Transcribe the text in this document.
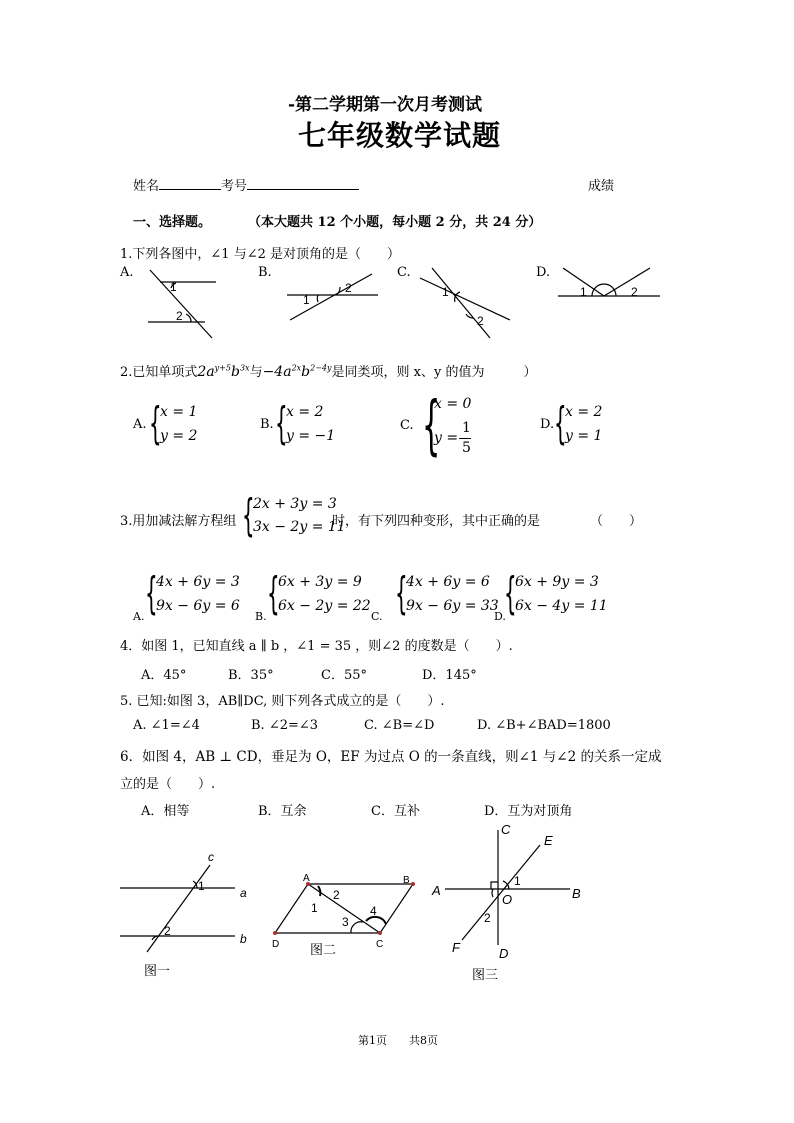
-第二学期第一次月考测试
七年级数学试题
姓名	考号	成绩
一、选择题。	（本大题共 12 个小题，每小题 2 分，共 24 分）
1.下列各图中，∠1 与∠2 是对顶角的是（　　）
A.	B.	C.	D.
1
2
1
2	1
2
1	2
2.已知单项式$2a^{y+5}b^{3x}$与$-4a^{2x}b^{2-4y}$是同类项，则 x、y 的值为　　　）
A. {
x = 1
y = 2
B. {
x = 2
y = −1
C. {
x = 0
y =
1
5
D. {
x = 2
y = 1
3.用加减法解方程组 {
2x + 3y = 3
3x − 2y = 11
时，有下列四种变形，其中正确的是	（　　）
{
4x + 6y = 3
9x − 6y = 6
A.	{
6x + 3y = 9
6x − 2y = 22
B.	{
4x + 6y = 6
9x − 6y = 33
C.	{
6x + 9y = 3
6x − 4y = 11
D.
4．如图 1，已知直线 a ∥ b ，∠1 = 35 ，则∠2 的度数是（　　）.
A．45°	B．35°	C．55°	D．145°
5. 已知:如图 3，AB∥DC, 则下列各式成立的是（　　）.
A. ∠1=∠4	B. ∠2=∠3	C. ∠B=∠D	D. ∠B+∠BAD=1800
6．如图 4，AB ⊥ CD，垂足为 O，EF 为过点 O 的一条直线，则∠1 与∠2 的关系一定成
立的是（　　）.
A．相等	B．互余	C．互补	D．互为对顶角
c
1	a
2
b
图一
A	B
D	C
1
2
3
4
图二
C
E
A
1
B
O
2
F	D
图三
第1页　　共8页
